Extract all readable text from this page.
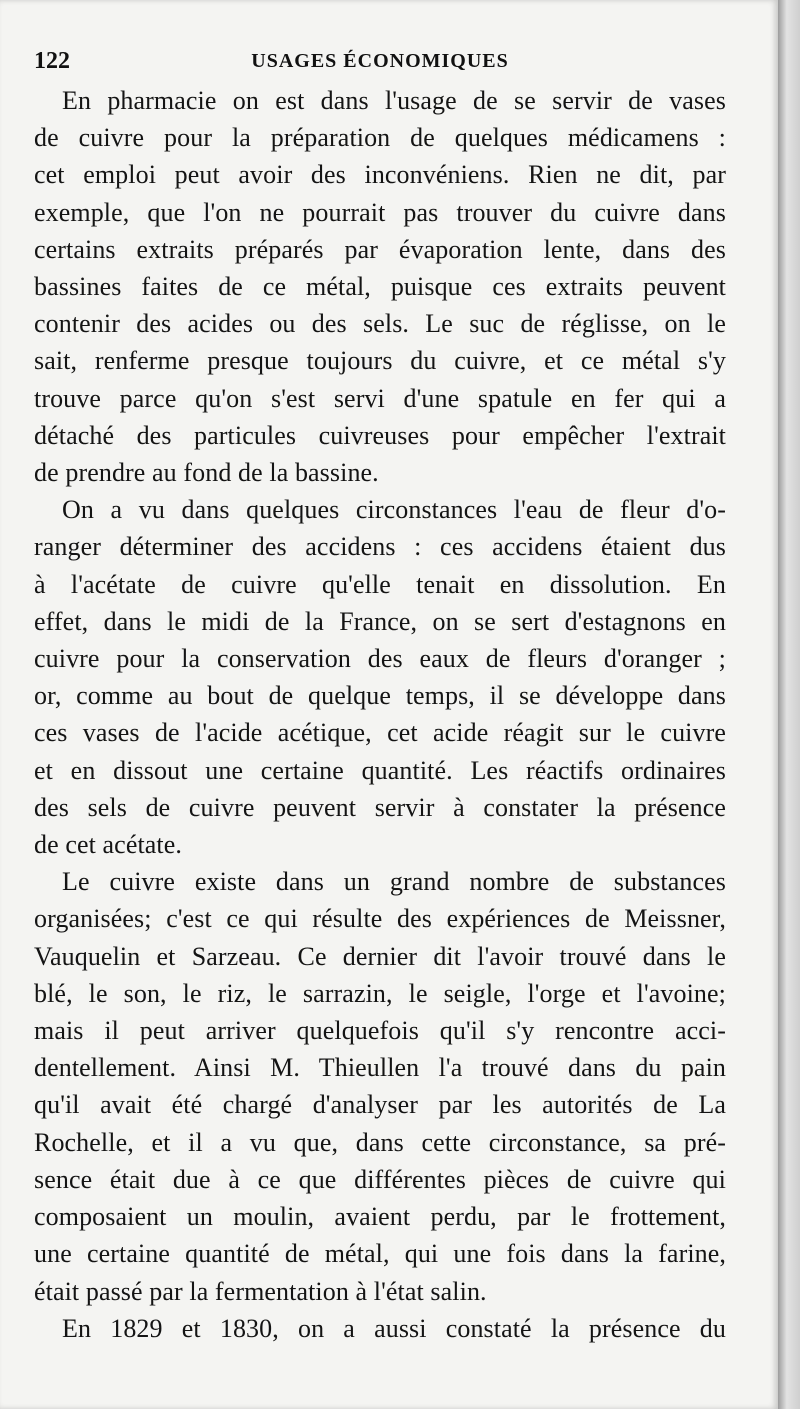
122	USAGES ÉCONOMIQUES

En pharmacie on est dans l'usage de se servir de vases
de cuivre pour la préparation de quelques médicamens :
cet emploi peut avoir des inconvéniens. Rien ne dit, par
exemple, que l'on ne pourrait pas trouver du cuivre dans
certains extraits préparés par évaporation lente, dans des
bassines faites de ce métal, puisque ces extraits peuvent
contenir des acides ou des sels. Le suc de réglisse, on le
sait, renferme presque toujours du cuivre, et ce métal s'y
trouve parce qu'on s'est servi d'une spatule en fer qui a
détaché des particules cuivreuses pour empêcher l'extrait
de prendre au fond de la bassine.

On a vu dans quelques circonstances l'eau de fleur d'o-
ranger déterminer des accidens : ces accidens étaient dus
à l'acétate de cuivre qu'elle tenait en dissolution. En
effet, dans le midi de la France, on se sert d'estagnons en
cuivre pour la conservation des eaux de fleurs d'oranger ;
or, comme au bout de quelque temps, il se développe dans
ces vases de l'acide acétique, cet acide réagit sur le cuivre
et en dissout une certaine quantité. Les réactifs ordinaires
des sels de cuivre peuvent servir à constater la présence
de cet acétate.

Le cuivre existe dans un grand nombre de substances
organisées; c'est ce qui résulte des expériences de Meissner,
Vauquelin et Sarzeau. Ce dernier dit l'avoir trouvé dans le
blé, le son, le riz, le sarrazin, le seigle, l'orge et l'avoine;
mais il peut arriver quelquefois qu'il s'y rencontre acci-
dentellement. Ainsi M. Thieullen l'a trouvé dans du pain
qu'il avait été chargé d'analyser par les autorités de La
Rochelle, et il a vu que, dans cette circonstance, sa pré-
sence était due à ce que différentes pièces de cuivre qui
composaient un moulin, avaient perdu, par le frottement,
une certaine quantité de métal, qui une fois dans la farine,
était passé par la fermentation à l'état salin.

En 1829 et 1830, on a aussi constaté la présence du
